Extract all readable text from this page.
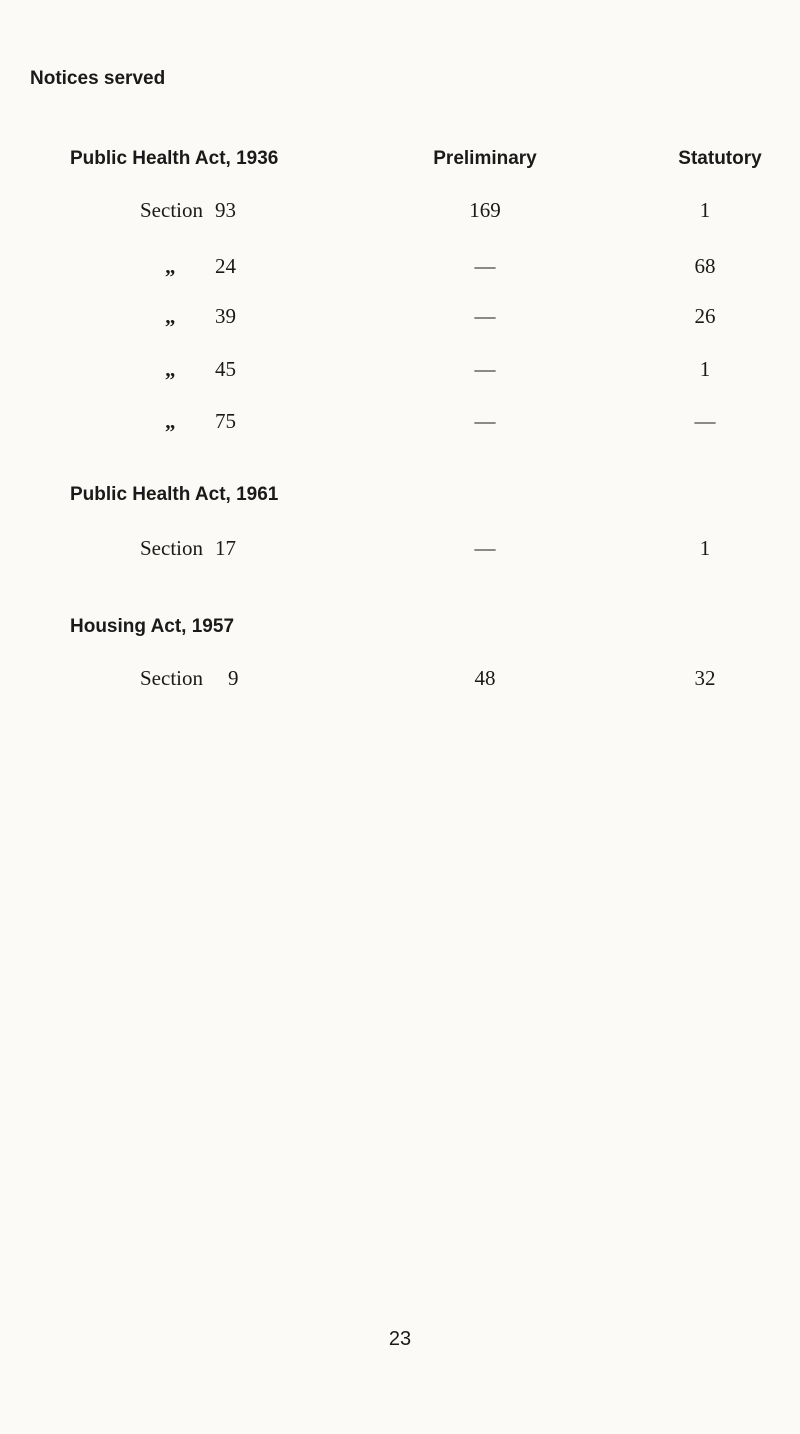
Notices served
Public Health Act, 1936	Preliminary	Statutory
Section 93	169	1
„ 24	—	68
„ 39	—	26
„ 45	—	1
„ 75	—	—
Public Health Act, 1961
Section 17	—	1
Housing Act, 1957
Section 9	48	32
23
